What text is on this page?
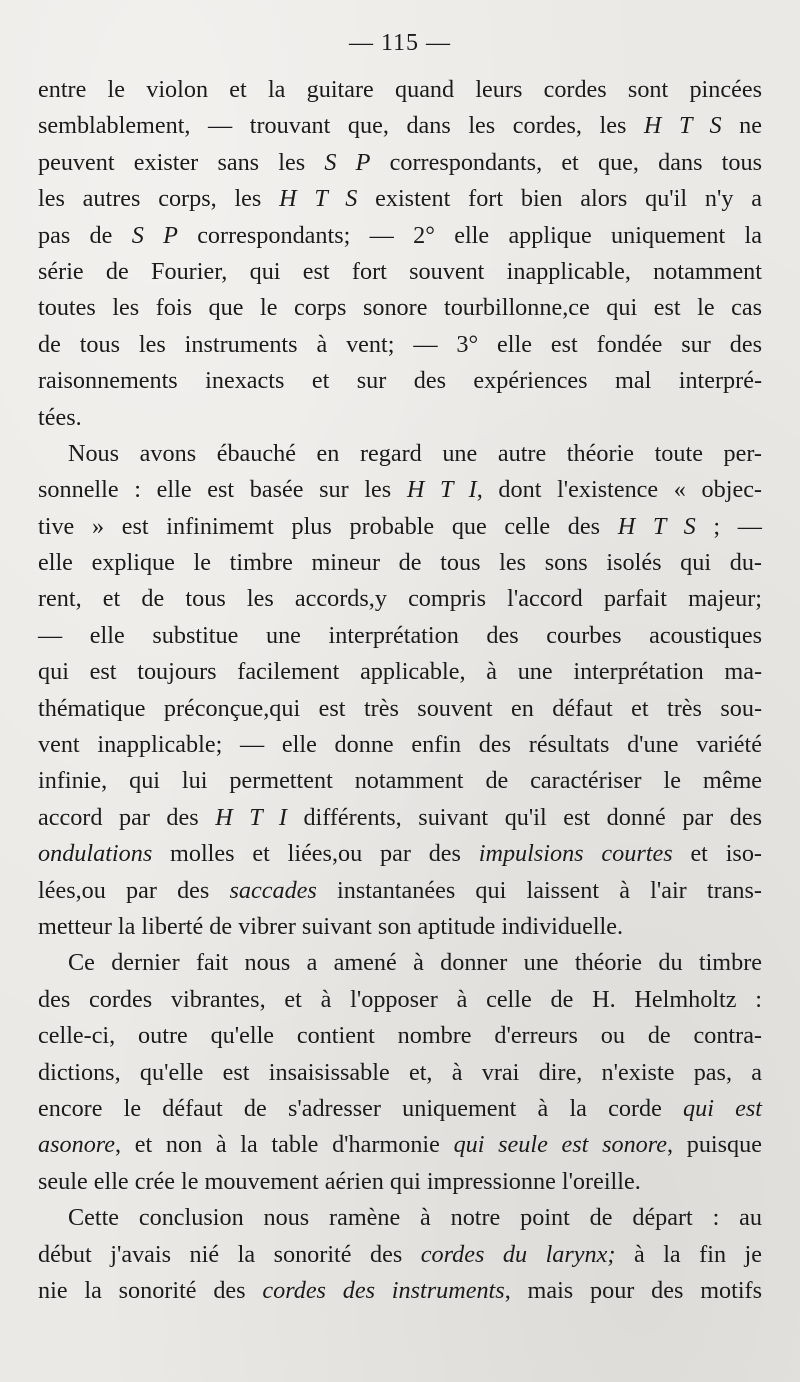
— 115 —
entre le violon et la guitare quand leurs cordes sont pincées
semblablement, — trouvant que, dans les cordes, les H T S ne
peuvent exister sans les S P correspondants, et que, dans tous
les autres corps, les H T S existent fort bien alors qu'il n'y a
pas de S P correspondants; — 2° elle applique uniquement la
série de Fourier, qui est fort souvent inapplicable, notamment
toutes les fois que le corps sonore tourbillonne,ce qui est le cas
de tous les instruments à vent; — 3° elle est fondée sur des
raisonnements inexacts et sur des expériences mal interpré-
tées.
Nous avons ébauché en regard une autre théorie toute per-
sonnelle : elle est basée sur les H T I, dont l'existence « objec-
tive » est infinimemt plus probable que celle des H T S ; —
elle explique le timbre mineur de tous les sons isolés qui du-
rent, et de tous les accords,y compris l'accord parfait majeur;
— elle substitue une interprétation des courbes acoustiques
qui est toujours facilement applicable, à une interprétation ma-
thématique préconçue,qui est très souvent en défaut et très sou-
vent inapplicable; — elle donne enfin des résultats d'une variété
infinie, qui lui permettent notamment de caractériser le même
accord par des H T I différents, suivant qu'il est donné par des
ondulations molles et liées,ou par des impulsions courtes et iso-
lées,ou par des saccades instantanées qui laissent à l'air trans-
metteur la liberté de vibrer suivant son aptitude individuelle.
Ce dernier fait nous a amené à donner une théorie du timbre
des cordes vibrantes, et à l'opposer à celle de H. Helmholtz :
celle-ci, outre qu'elle contient nombre d'erreurs ou de contra-
dictions, qu'elle est insaisissable et, à vrai dire, n'existe pas, a
encore le défaut de s'adresser uniquement à la corde qui est
asonore, et non à la table d'harmonie qui seule est sonore, puisque
seule elle crée le mouvement aérien qui impressionne l'oreille.
Cette conclusion nous ramène à notre point de départ : au
début j'avais nié la sonorité des cordes du larynx; à la fin je
nie la sonorité des cordes des instruments, mais pour des motifs
